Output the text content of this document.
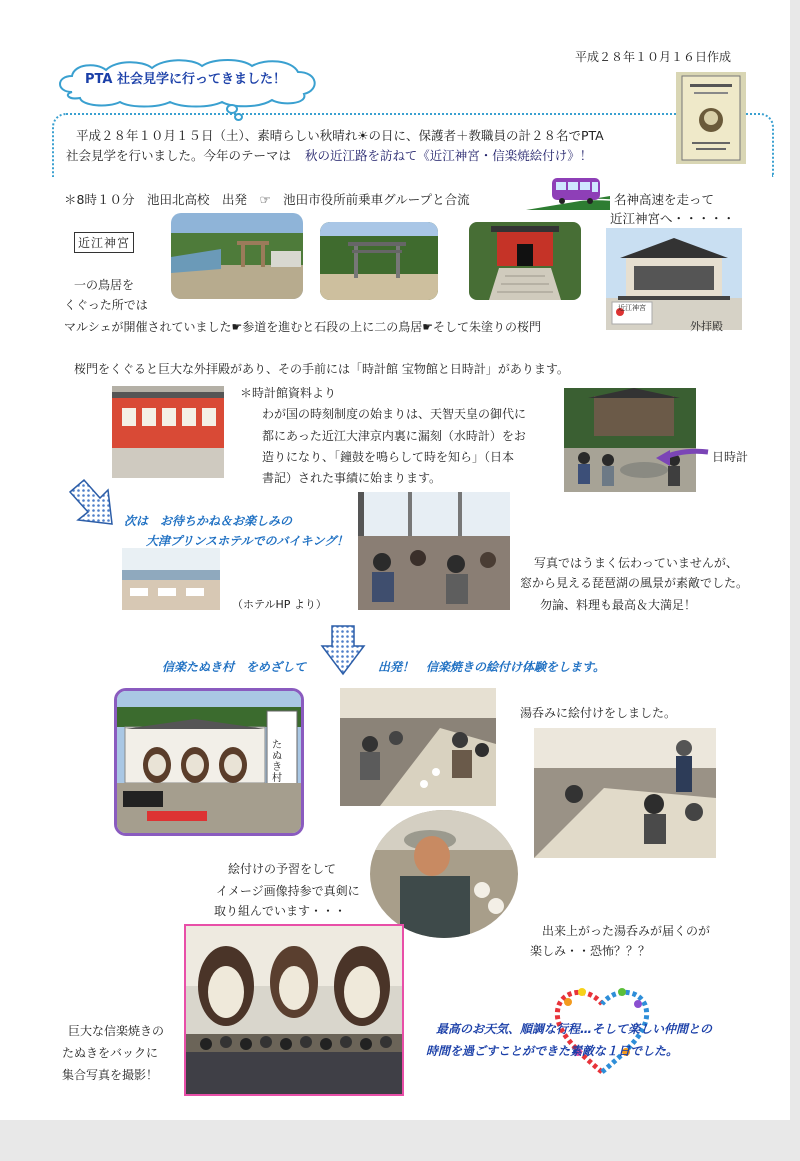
平成２８年１０月１６日作成
PTA 社会見学に行ってきました！
平成２８年１０月１５日（土）、素晴らしい秋晴れ☀の日に、保護者＋教職員の計２８名でPTA
社会見学を行いました。今年のテーマは 秋の近江路を訪ねて《近江神宮・信楽焼絵付け》！
＊8時１０分　池田北高校　出発　☞　池田市役所前乗車グループと合流	名神高速を走って
近江神宮へ・・・・・
近江神宮
一の鳥居を
くぐった所では
マルシェが開催されていました☛参道を進むと石段の上に二の鳥居☛そして朱塗りの桜門
近江神宮
外拝殿
桜門をくぐると巨大な外拝殿があり、その手前には「時計館 宝物館と日時計」があります。
＊時計館資料より
わが国の時刻制度の始まりは、天智天皇の御代に
都にあった近江大津京内裏に漏刻（水時計）をお
造りになり、「鐘鼓を鳴らして時を知ら」（日本
書記）された事績に始まります。
日時計
次は　お待ちかね＆お楽しみの
大津プリンスホテルでのバイキング！
（ホテルHP より）
写真ではうまく伝わっていませんが、
窓から見える琵琶湖の風景が素敵でした。
勿論、料理も最高＆大満足！
信楽たぬき村　をめざして	出発！　信楽焼きの絵付け体験をします。
たぬき村
湯呑みに絵付けをしました。
絵付けの予習をして
イメージ画像持参で真剣に
取り組んでいます・・・
出来上がった湯呑みが届くのが
楽しみ・・恐怖？？？
巨大な信楽焼きの
たぬきをバックに
集合写真を撮影！
最高のお天気、順調な行程…そして楽しい仲間との
時間を過ごすことができた素敵な１日でした。
